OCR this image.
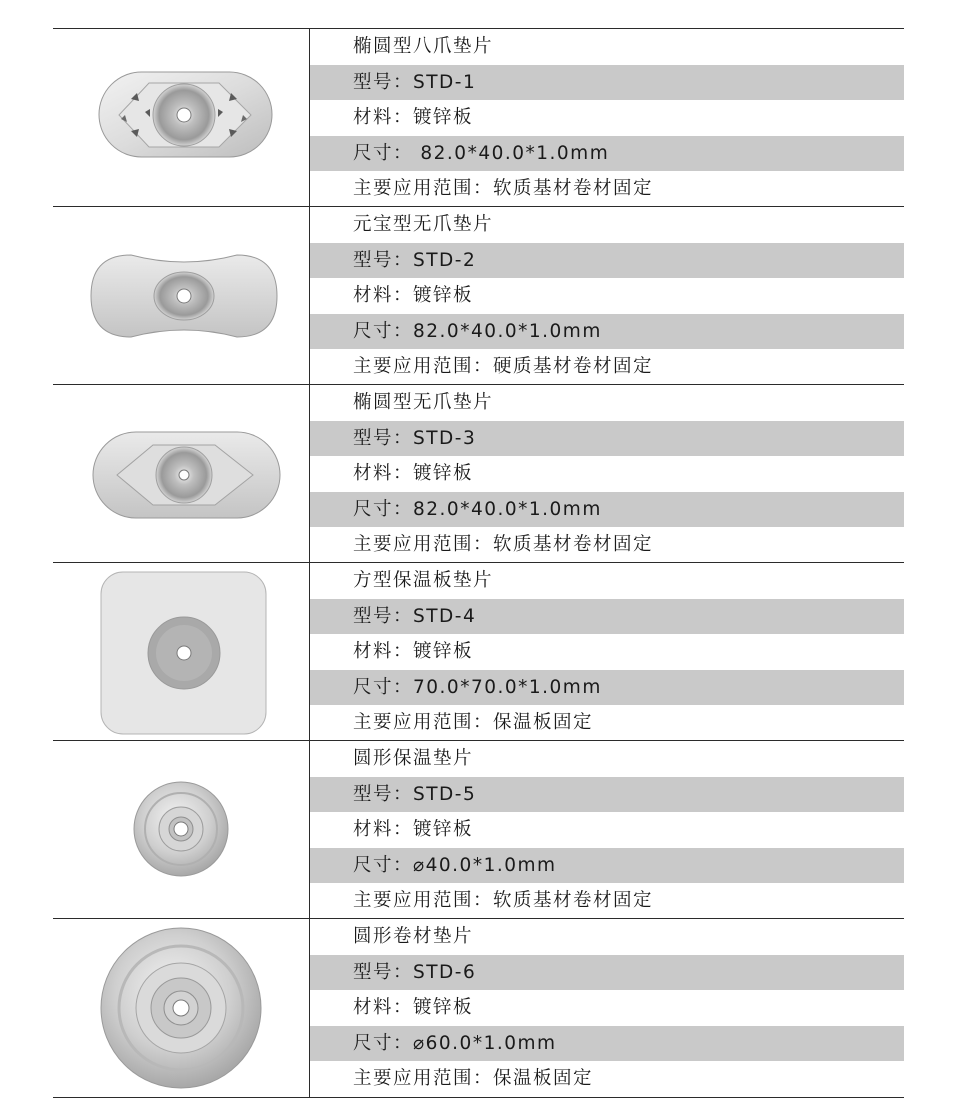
椭圆型八爪垫片
型号：STD-1
材料：镀锌板
尺寸： 82.0*40.0*1.0mm
主要应用范围：软质基材卷材固定
元宝型无爪垫片
型号：STD-2
材料：镀锌板
尺寸：82.0*40.0*1.0mm
主要应用范围：硬质基材卷材固定
椭圆型无爪垫片
型号：STD-3
材料：镀锌板
尺寸：82.0*40.0*1.0mm
主要应用范围：软质基材卷材固定
方型保温板垫片
型号：STD-4
材料：镀锌板
尺寸：70.0*70.0*1.0mm
主要应用范围：保温板固定
圆形保温垫片
型号：STD-5
材料：镀锌板
尺寸：⌀40.0*1.0mm
主要应用范围：软质基材卷材固定
圆形卷材垫片
型号：STD-6
材料：镀锌板
尺寸：⌀60.0*1.0mm
主要应用范围：保温板固定
